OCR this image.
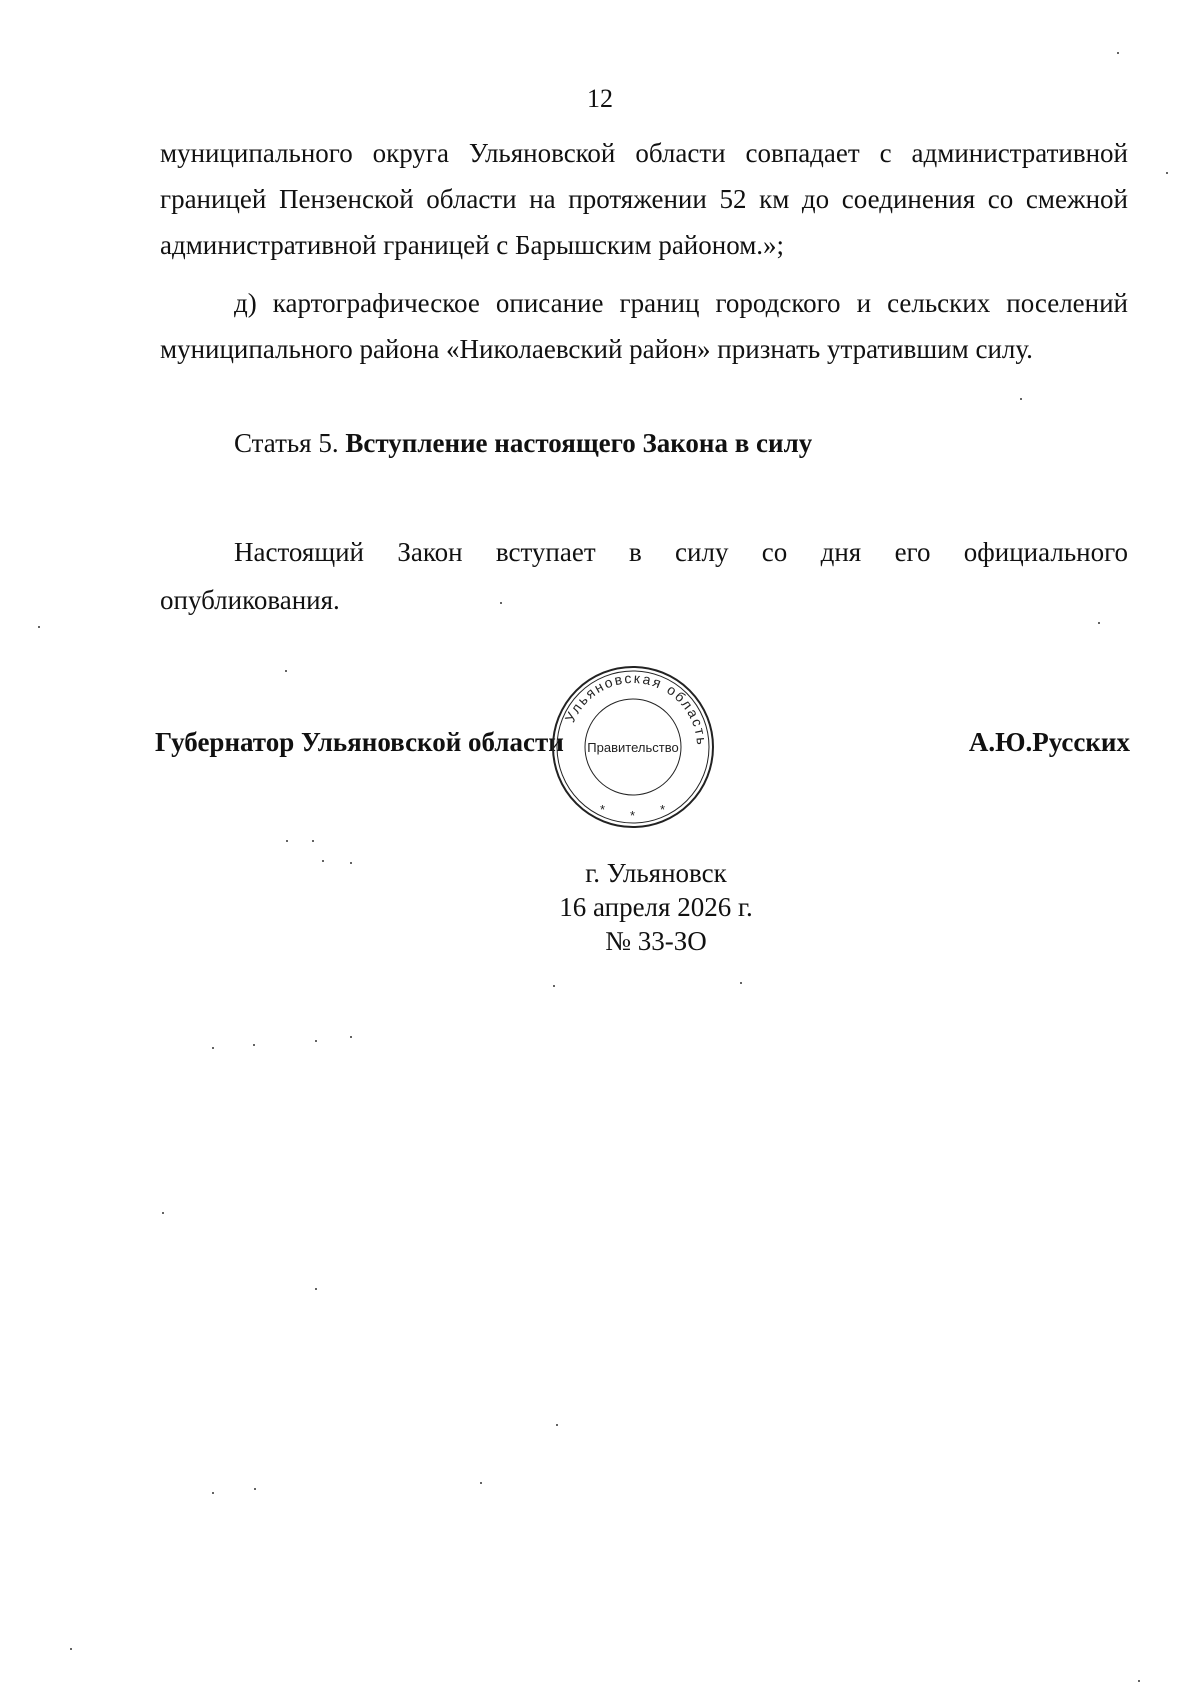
12
муниципального округа Ульяновской области совпадает с административной границей Пензенской области на протяжении 52 км до соединения со смежной административной границей с Барышским районом.»;
д) картографическое описание границ городского и сельских поселений муниципального района «Николаевский район» признать утратившим силу.
Статья 5. Вступление настоящего Закона в силу
Настоящий Закон вступает в силу со дня его официального
опубликования.
Губернатор Ульяновской области	А.Ю.Русских
Ульяновская область
Правительство
* * *
г. Ульяновск
16 апреля 2026 г.
№ 33-ЗО
